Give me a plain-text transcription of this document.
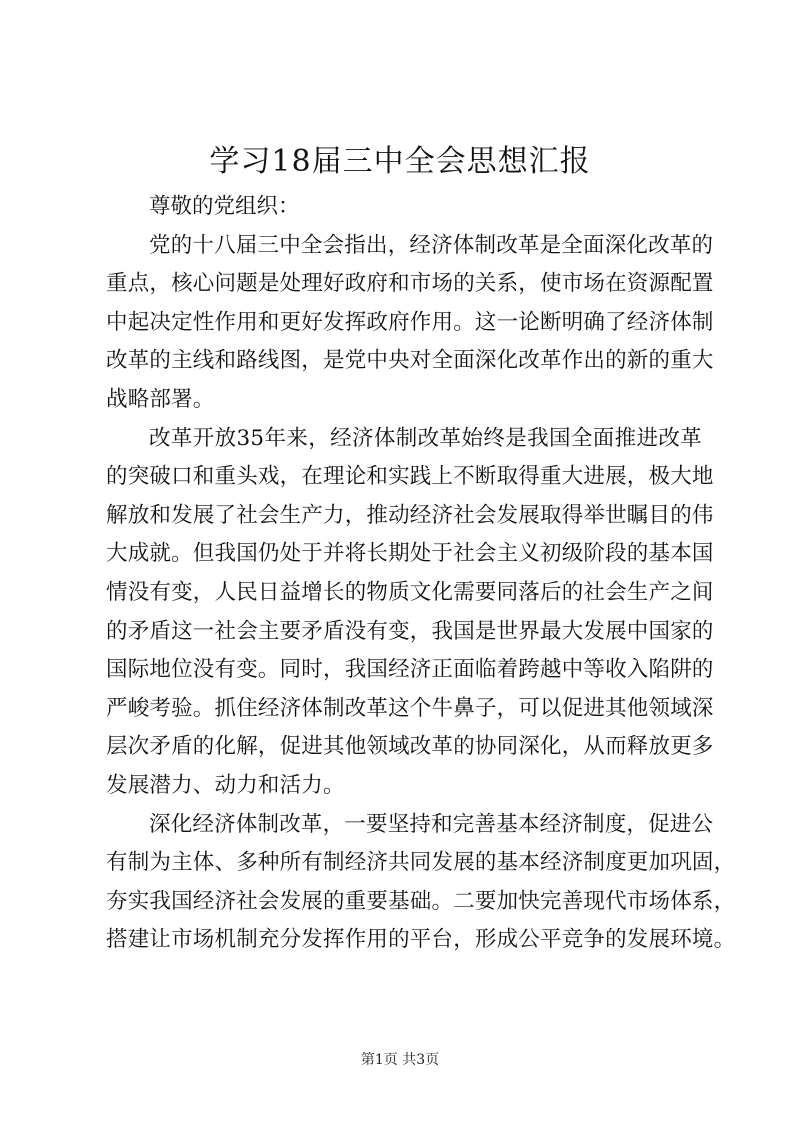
学习18届三中全会思想汇报

尊敬的党组织：

党的十八届三中全会指出，经济体制改革是全面深化改革的
重点，核心问题是处理好政府和市场的关系，使市场在资源配置
中起决定性作用和更好发挥政府作用。这一论断明确了经济体制
改革的主线和路线图，是党中央对全面深化改革作出的新的重大
战略部署。

改革开放35年来，经济体制改革始终是我国全面推进改革
的突破口和重头戏，在理论和实践上不断取得重大进展，极大地
解放和发展了社会生产力，推动经济社会发展取得举世瞩目的伟
大成就。但我国仍处于并将长期处于社会主义初级阶段的基本国
情没有变，人民日益增长的物质文化需要同落后的社会生产之间
的矛盾这一社会主要矛盾没有变，我国是世界最大发展中国家的
国际地位没有变。同时，我国经济正面临着跨越中等收入陷阱的
严峻考验。抓住经济体制改革这个牛鼻子，可以促进其他领域深
层次矛盾的化解，促进其他领域改革的协同深化，从而释放更多
发展潜力、动力和活力。

深化经济体制改革，一要坚持和完善基本经济制度，促进公
有制为主体、多种所有制经济共同发展的基本经济制度更加巩固，
夯实我国经济社会发展的重要基础。二要加快完善现代市场体系，
搭建让市场机制充分发挥作用的平台，形成公平竞争的发展环境。

第1页 共3页
